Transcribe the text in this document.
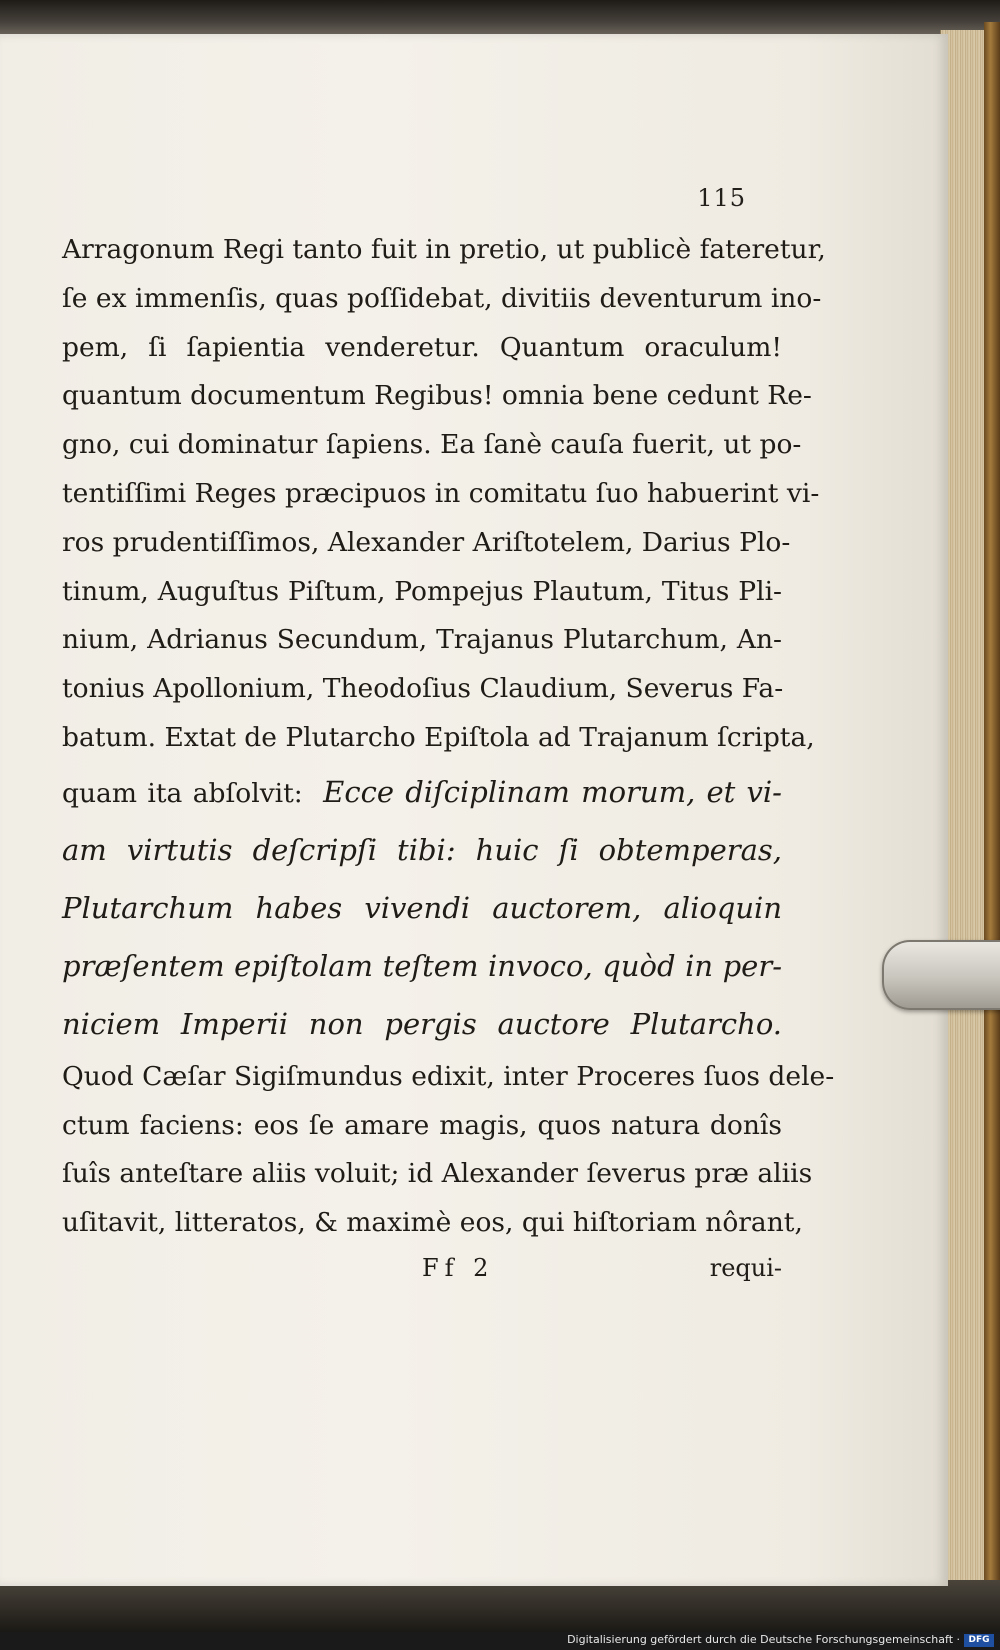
115
Arragonum Regi tanto fuit in pretio, ut publicè fateretur,
ſe ex immenſis, quas poſſidebat, divitiis deventurum ino-
pem, ſi ſapientia venderetur. Quantum oraculum!
quantum documentum Regibus! omnia bene cedunt Re-
gno, cui dominatur ſapiens. Ea ſanè cauſa fuerit, ut po-
tentiſſimi Reges præcipuos in comitatu ſuo habuerint vi-
ros prudentiſſimos, Alexander Ariſtotelem, Darius Plo-
tinum, Auguſtus Piſtum, Pompejus Plautum, Titus Pli-
nium, Adrianus Secundum, Trajanus Plutarchum, An-
tonius Apollonium, Theodoſius Claudium, Severus Fa-
batum. Extat de Plutarcho Epiſtola ad Trajanum ſcripta,
quam ita abſolvit: Ecce diſciplinam morum, et vi-
am virtutis deſcripſi tibi: huic ſi obtemperas,
Plutarchum habes vivendi auctorem, alioquin
præſentem epiſtolam teſtem invoco, quòd in per-
niciem Imperii non pergis auctore Plutarcho.
Quod Cæſar Sigiſmundus edixit, inter Proceres ſuos dele-
ctum faciens: eos ſe amare magis, quos natura donîs
ſuîs anteſtare aliis voluit; id Alexander ſeverus præ aliis
uſitavit, litteratos, & maximè eos, qui hiſtoriam nôrant,
Ff 2	requi-
Digitalisierung gefördert durch die Deutsche Forschungsgemeinschaft · DFG
